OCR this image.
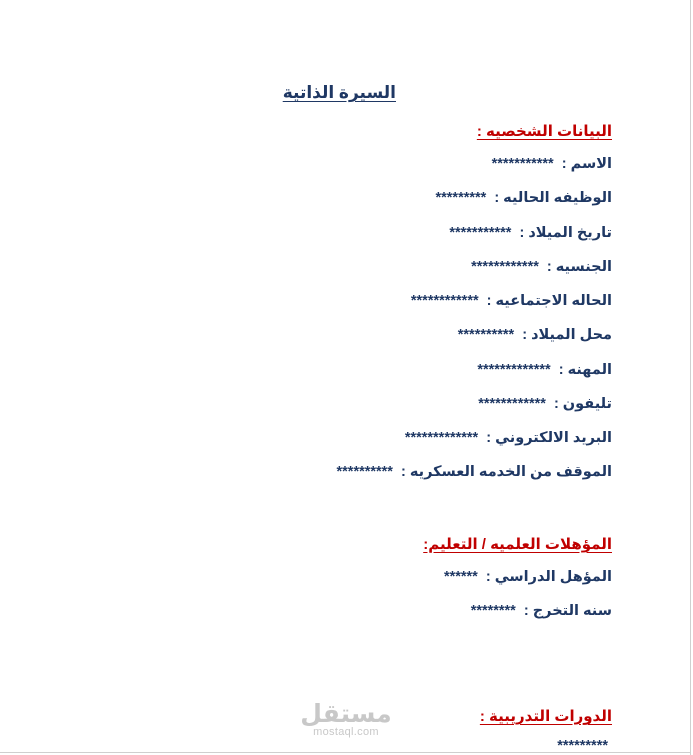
السيرة الذاتية
البيانات الشخصيه :
الاسم : ***********
الوظيفه الحاليه : *********
تاريخ الميلاد : ***********
الجنسيه : ************
الحاله الاجتماعيه : ************
محل الميلاد : **********
المهنه : *************
تليفون : ************
البريد الالكتروني : *************
الموقف من الخدمه العسكريه : **********
المؤهلات العلميه / التعليم:
المؤهل الدراسي : ******
سنه التخرج : ********
الدورات التدريبية :
*********
مستقل
mostaql.com
